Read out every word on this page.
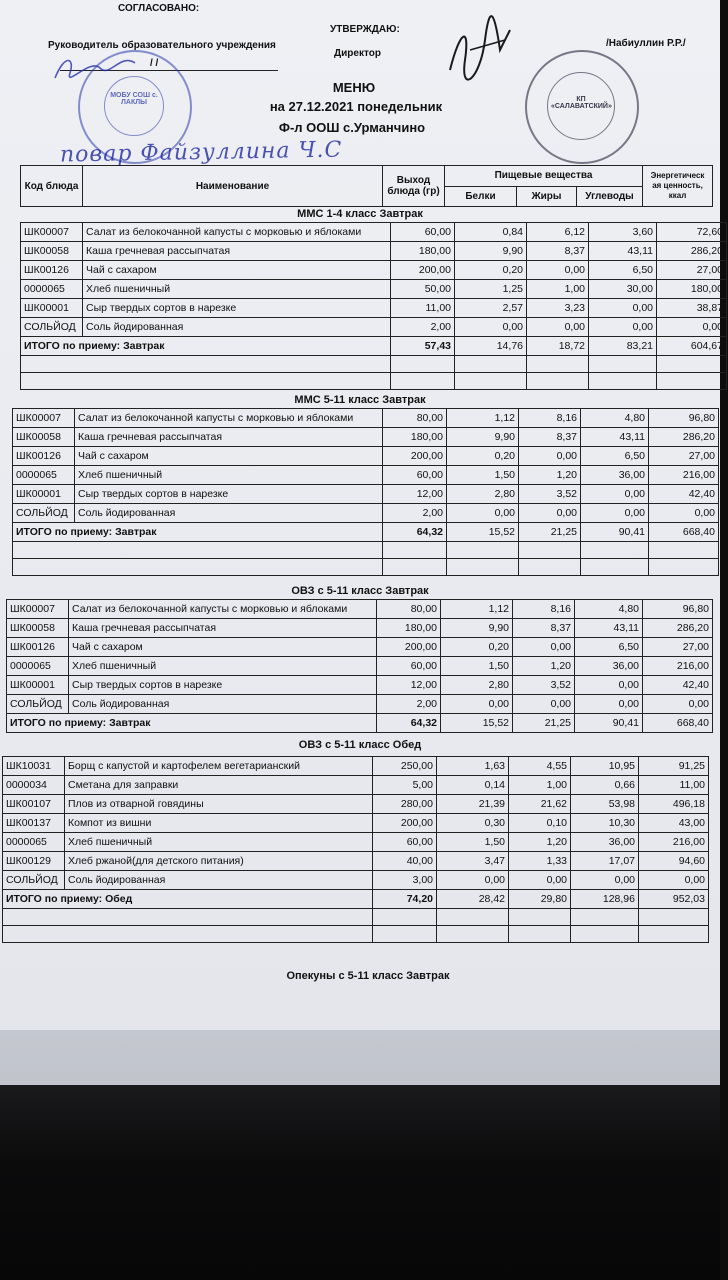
СОГЛАСОВАНО:
Руководитель образовательного учреждения
/ /
УТВЕРЖДАЮ:
Директор
/Набиуллин Р.Р./
МОБУ СОШ с. ЛАКЛЫ	КП «САЛАВАТСКИЙ»
МЕНЮ
на 27.12.2021 понедельник
Ф-л ООШ с.Урманчино
повар Файзуллина Ч.С
Код блюда	Наименование	Выход блюда (гр)	Пищевые вещества			Энергетическ ая ценность, ккал
			Белки	Жиры	Углеводы	
ММС 1-4 класс Завтрак
ШК00007	Салат из белокочанной капусты с морковью и яблоками	60,00	0,84	6,12	3,60	72,60
ШК00058	Каша гречневая рассыпчатая	180,00	9,90	8,37	43,11	286,20
ШК00126	Чай с сахаром	200,00	0,20	0,00	6,50	27,00
0000065	Хлеб пшеничный	50,00	1,25	1,00	30,00	180,00
ШК00001	Сыр твердых сортов в нарезке	11,00	2,57	3,23	0,00	38,87
СОЛЬЙОД	Соль йодированная	2,00	0,00	0,00	0,00	0,00
ИТОГО по приему: Завтрак		57,43	14,76	18,72	83,21	604,67

ММС 5-11 класс Завтрак
ШК00007	Салат из белокочанной капусты с морковью и яблоками	80,00	1,12	8,16	4,80	96,80
ШК00058	Каша гречневая рассыпчатая	180,00	9,90	8,37	43,11	286,20
ШК00126	Чай с сахаром	200,00	0,20	0,00	6,50	27,00
0000065	Хлеб пшеничный	60,00	1,50	1,20	36,00	216,00
ШК00001	Сыр твердых сортов в нарезке	12,00	2,80	3,52	0,00	42,40
СОЛЬЙОД	Соль йодированная	2,00	0,00	0,00	0,00	0,00
ИТОГО по приему: Завтрак		64,32	15,52	21,25	90,41	668,40

ОВЗ с 5-11 класс Завтрак
ШК00007	Салат из белокочанной капусты с морковью и яблоками	80,00	1,12	8,16	4,80	96,80
ШК00058	Каша гречневая рассыпчатая	180,00	9,90	8,37	43,11	286,20
ШК00126	Чай с сахаром	200,00	0,20	0,00	6,50	27,00
0000065	Хлеб пшеничный	60,00	1,50	1,20	36,00	216,00
ШК00001	Сыр твердых сортов в нарезке	12,00	2,80	3,52	0,00	42,40
СОЛЬЙОД	Соль йодированная	2,00	0,00	0,00	0,00	0,00
ИТОГО по приему: Завтрак		64,32	15,52	21,25	90,41	668,40
ОВЗ с 5-11 класс Обед
ШК10031	Борщ с капустой и картофелем вегетарианский	250,00	1,63	4,55	10,95	91,25
0000034	Сметана для заправки	5,00	0,14	1,00	0,66	11,00
ШК00107	Плов из отварной говядины	280,00	21,39	21,62	53,98	496,18
ШК00137	Компот из вишни	200,00	0,30	0,10	10,30	43,00
0000065	Хлеб пшеничный	60,00	1,50	1,20	36,00	216,00
ШК00129	Хлеб ржаной(для детского питания)	40,00	3,47	1,33	17,07	94,60
СОЛЬЙОД	Соль йодированная	3,00	0,00	0,00	0,00	0,00
ИТОГО по приему: Обед		74,20	28,42	29,80	128,96	952,03

Опекуны с 5-11 класс Завтрак
